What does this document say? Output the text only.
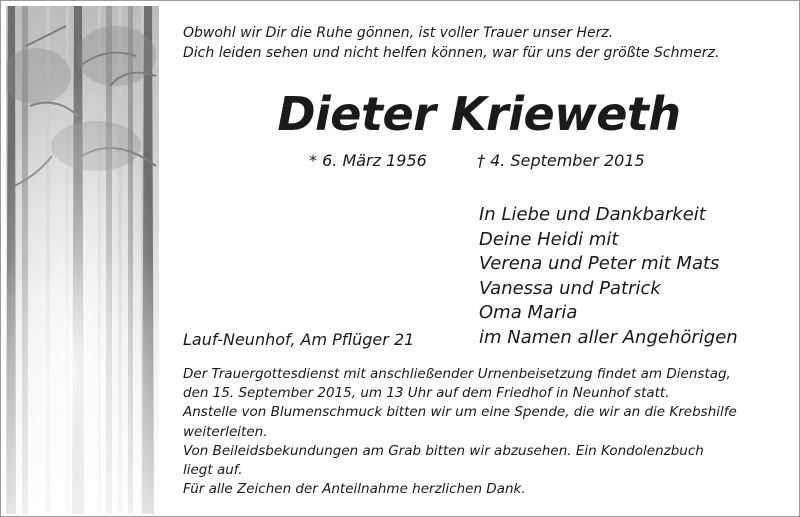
Obwohl wir Dir die Ruhe gönnen, ist voller Trauer unser Herz.
Dich leiden sehen und nicht helfen können, war für uns der größte Schmerz.
Dieter Krieweth
* 6. März 1956	† 4. September 2015
In Liebe und Dankbarkeit
Deine Heidi mit
Verena und Peter mit Mats
Vanessa und Patrick
Oma Maria
im Namen aller Angehörigen
Lauf-Neunhof, Am Pflüger 21
Der Trauergottesdienst mit anschließender Urnenbeisetzung findet am Dienstag,
den 15. September 2015, um 13 Uhr auf dem Friedhof in Neunhof statt.
Anstelle von Blumenschmuck bitten wir um eine Spende, die wir an die Krebshilfe
weiterleiten.
Von Beileidsbekundungen am Grab bitten wir abzusehen. Ein Kondolenzbuch
liegt auf.
Für alle Zeichen der Anteilnahme herzlichen Dank.
